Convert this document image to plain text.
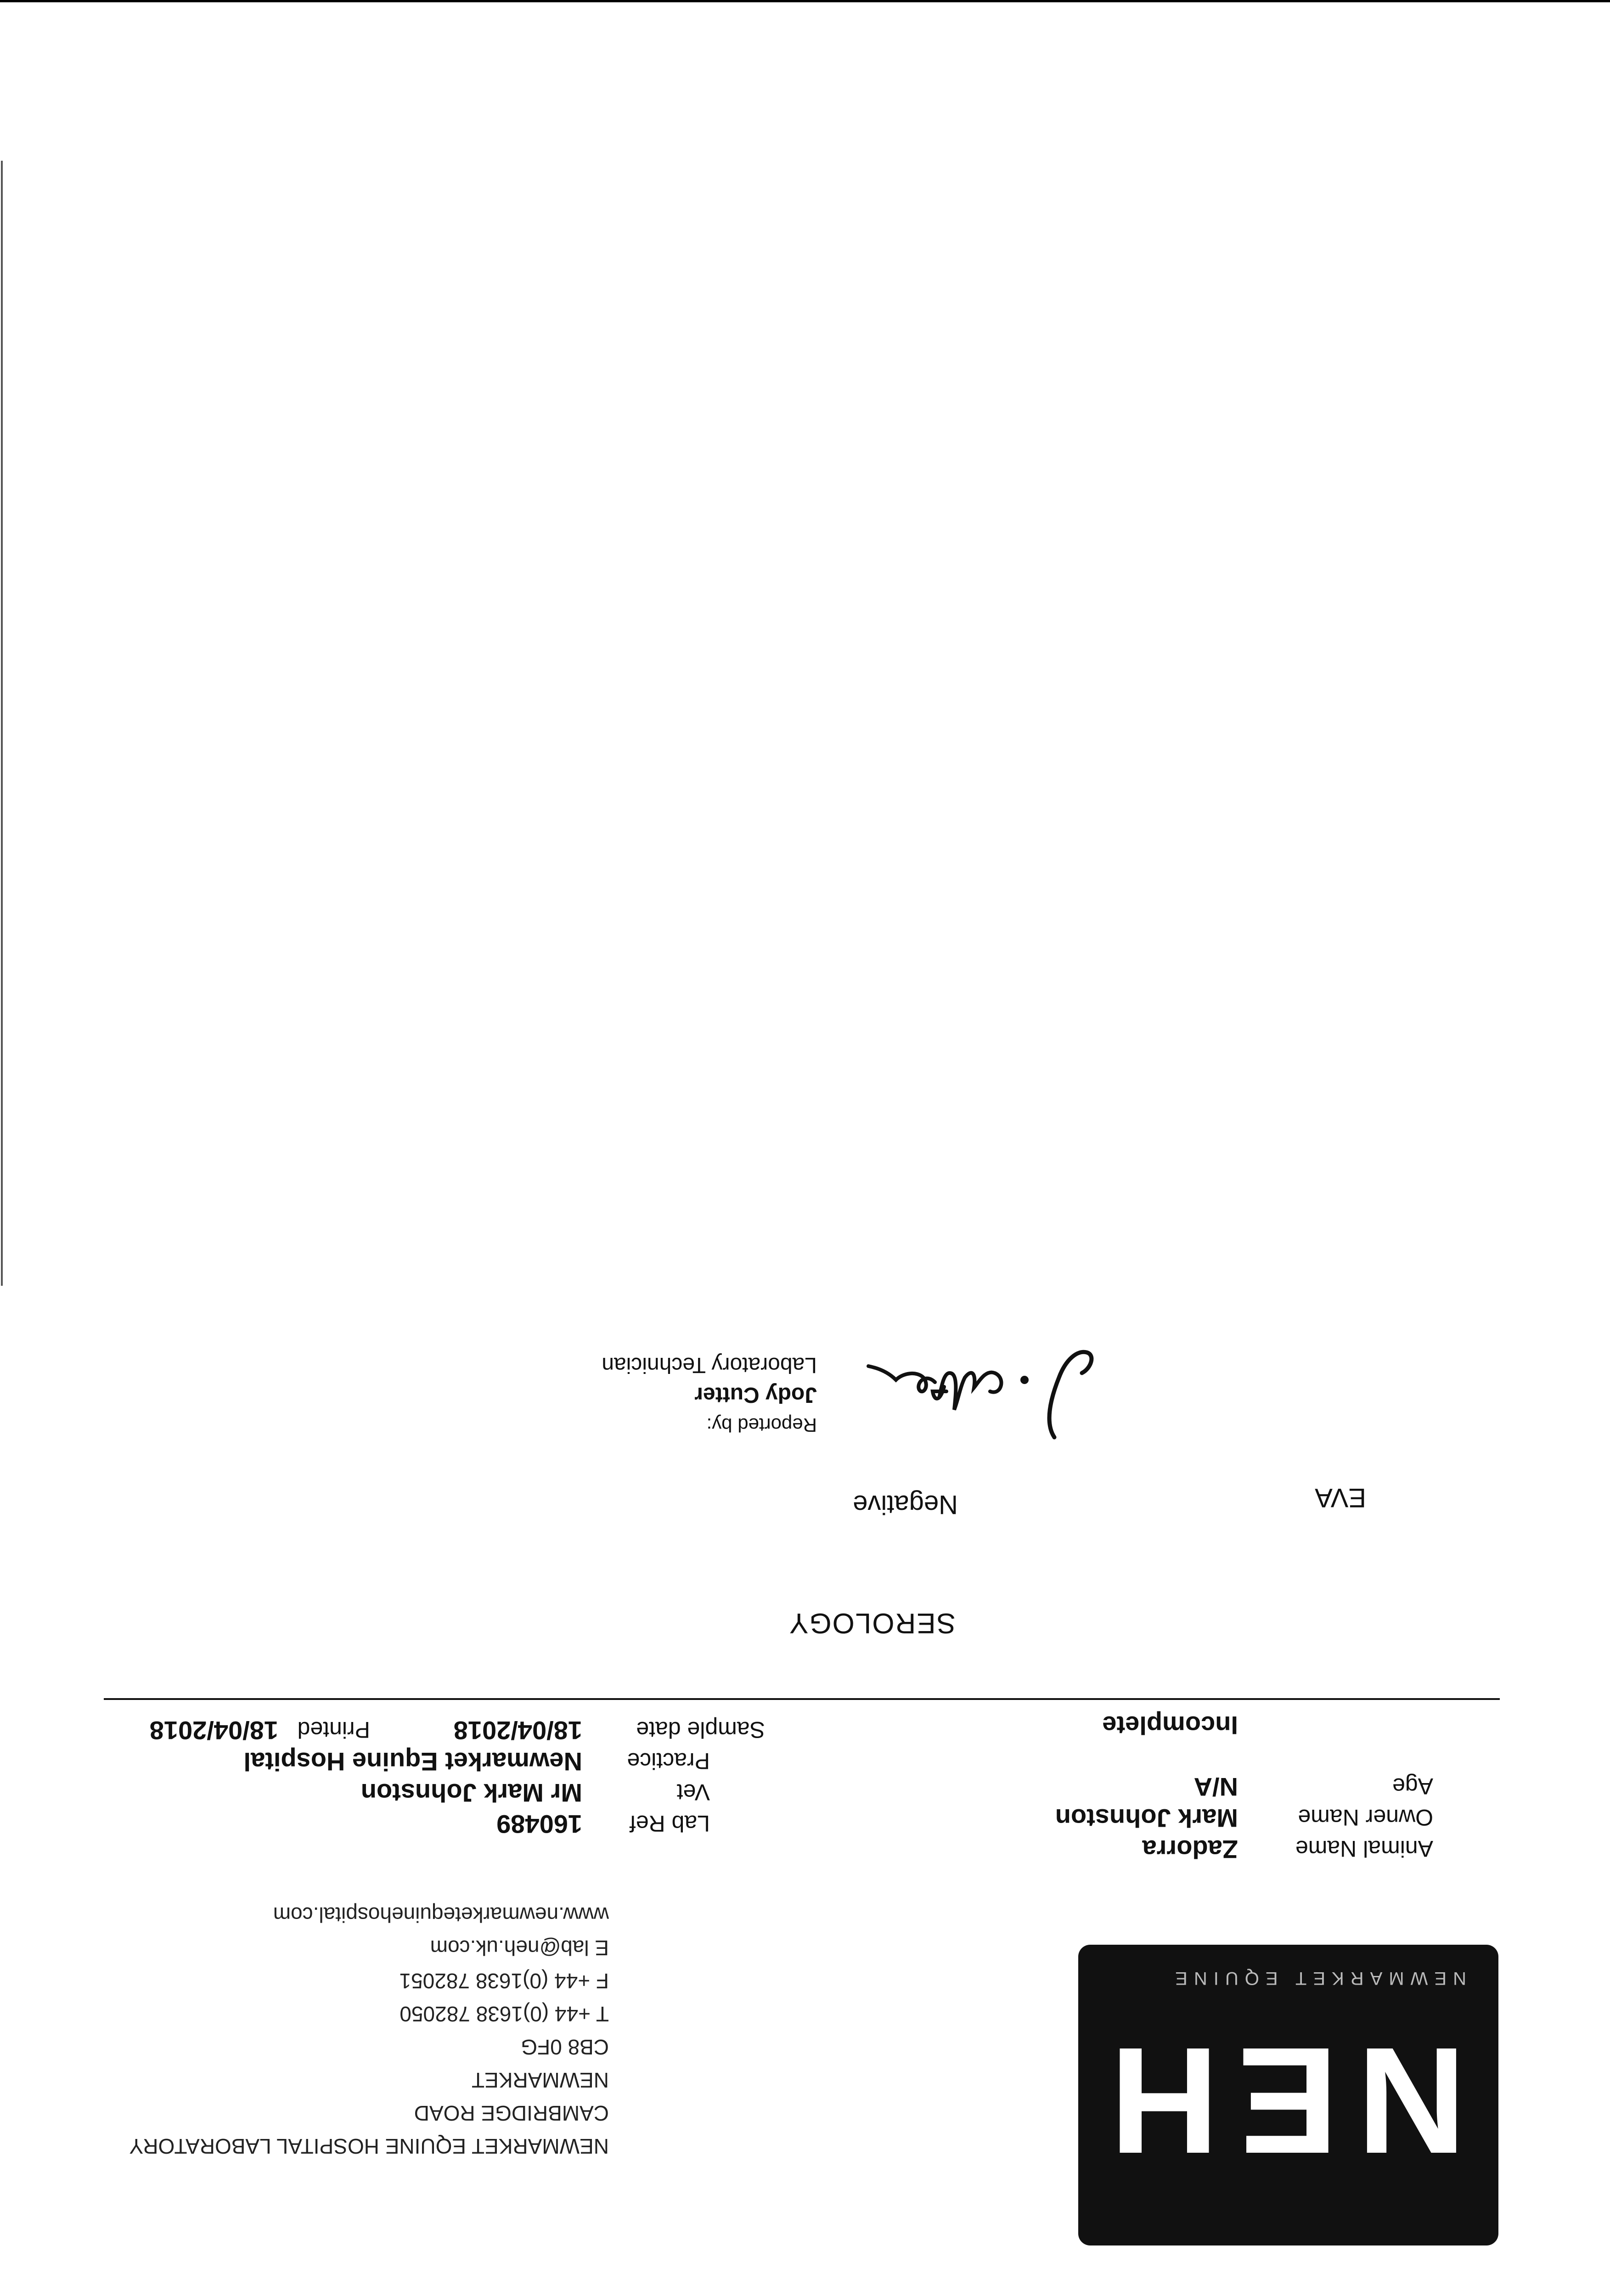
NEH
NEWMARKET EQUINE
NEWMARKET EQUINE HOSPITAL LABORATORY
CAMBRIDGE ROAD
NEWMARKET
CB8 0FG
T +44 (0)1638 782050
F +44 (0)1638 782051
E lab@neh.uk.com
www.newmarketequinehospital.com
Animal Name
Zadorra
Owner Name
Mark Johnston
Age
N/A
Incomplete
Lab Ref
160489
Vet
Mr Mark Johnston
Practice
Newmarket Equine Hospital
Sample date
18/04/2018
Printed
18/04/2018
SEROLOGY
EVA
Negative
Reported by:
Jody Cutter
Laboratory Technician
